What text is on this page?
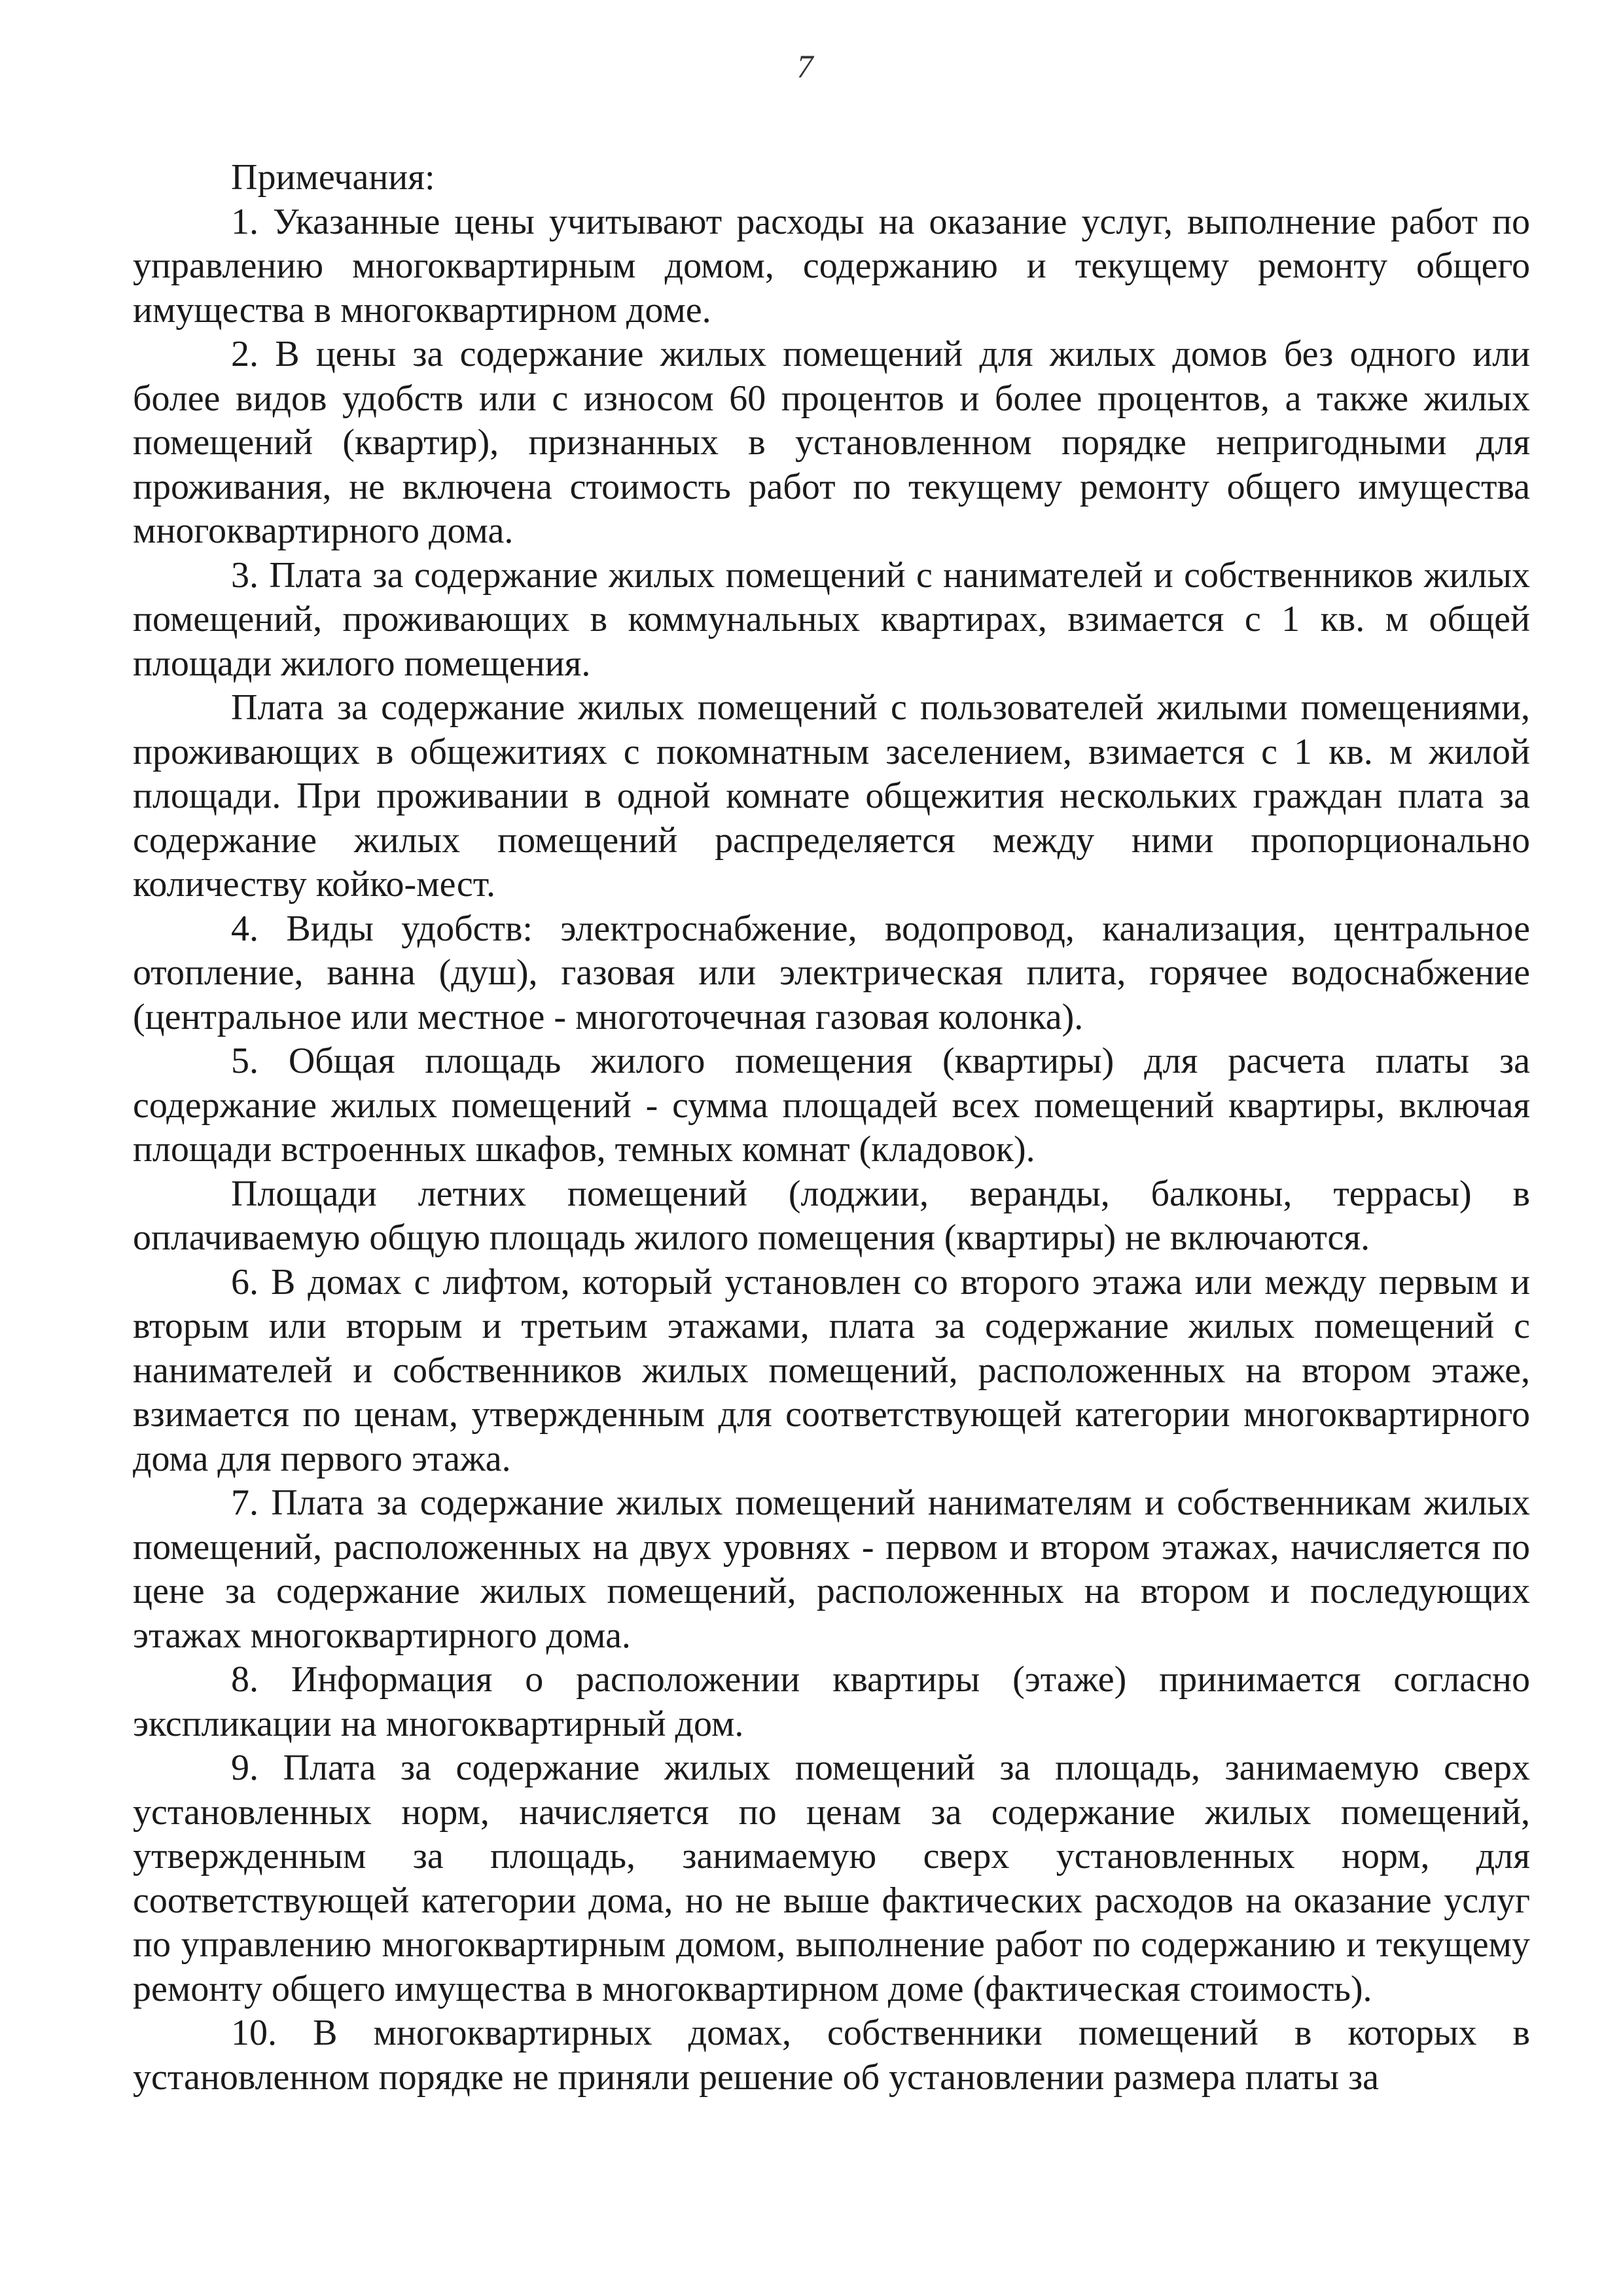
7

Примечания:

1. Указанные цены учитывают расходы на оказание услуг, выполнение работ по управлению многоквартирным домом, содержанию и текущему ремонту общего имущества в многоквартирном доме.

2. В цены за содержание жилых помещений для жилых домов без одного или более видов удобств или с износом 60 процентов и более процентов, а также жилых помещений (квартир), признанных в установленном порядке непригодными для проживания, не включена стоимость работ по текущему ремонту общего имущества многоквартирного дома.

3. Плата за содержание жилых помещений с нанимателей и собственников жилых помещений, проживающих в коммунальных квартирах, взимается с 1 кв. м общей площади жилого помещения.

Плата за содержание жилых помещений с пользователей жилыми помещениями, проживающих в общежитиях с покомнатным заселением, взимается с 1 кв. м жилой площади. При проживании в одной комнате общежития нескольких граждан плата за содержание жилых помещений распределяется между ними пропорционально количеству койко-мест.

4. Виды удобств: электроснабжение, водопровод, канализация, центральное отопление, ванна (душ), газовая или электрическая плита, горячее водоснабжение (центральное или местное - многоточечная газовая колонка).

5. Общая площадь жилого помещения (квартиры) для расчета платы за содержание жилых помещений - сумма площадей всех помещений квартиры, включая площади встроенных шкафов, темных комнат (кладовок).

Площади летних помещений (лоджии, веранды, балконы, террасы) в оплачиваемую общую площадь жилого помещения (квартиры) не включаются.

6. В домах с лифтом, который установлен со второго этажа или между первым и вторым или вторым и третьим этажами, плата за содержание жилых помещений с нанимателей и собственников жилых помещений, расположенных на втором этаже, взимается по ценам, утвержденным для соответствующей категории многоквартирного дома для первого этажа.

7. Плата за содержание жилых помещений нанимателям и собственникам жилых помещений, расположенных на двух уровнях - первом и втором этажах, начисляется по цене за содержание жилых помещений, расположенных на втором и последующих этажах многоквартирного дома.

8. Информация о расположении квартиры (этаже) принимается согласно экспликации на многоквартирный дом.

9. Плата за содержание жилых помещений за площадь, занимаемую сверх установленных норм, начисляется по ценам за содержание жилых помещений, утвержденным за площадь, занимаемую сверх установленных норм, для соответствующей категории дома, но не выше фактических расходов на оказание услуг по управлению многоквартирным домом, выполнение работ по содержанию и текущему ремонту общего имущества в многоквартирном доме (фактическая стоимость).

10. В многоквартирных домах, собственники помещений в которых в установленном порядке не приняли решение об установлении размера платы за
